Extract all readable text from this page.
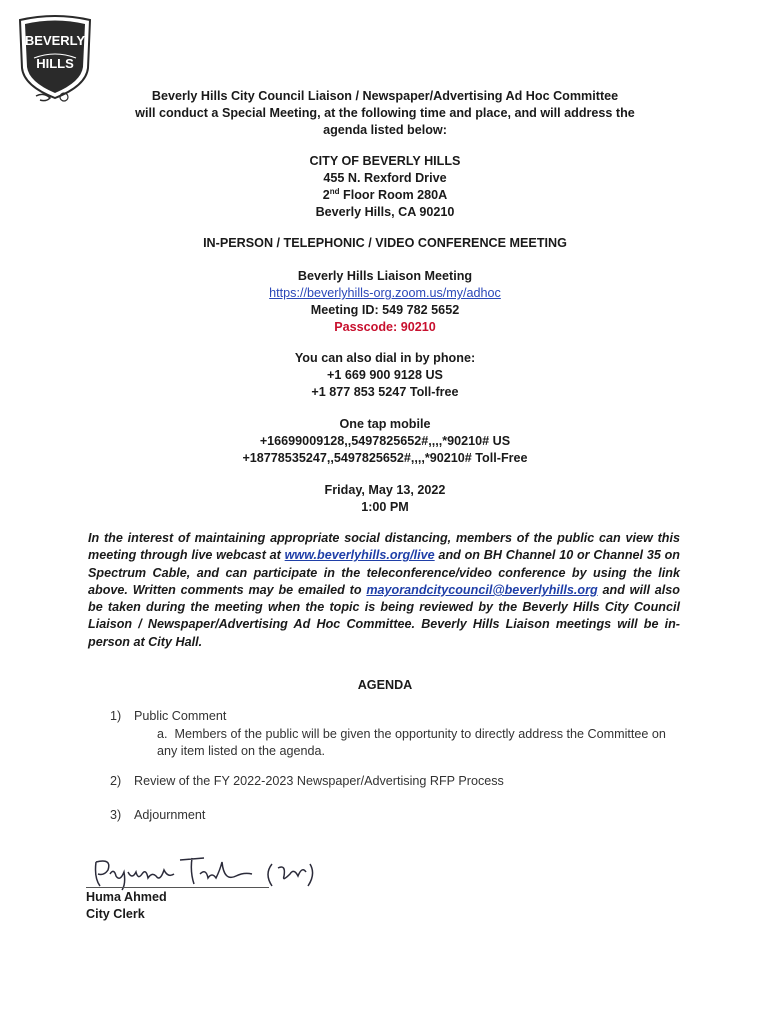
BEVERLY
HILLS
Beverly Hills City Council Liaison / Newspaper/Advertising Ad Hoc Committee
will conduct a Special Meeting, at the following time and place, and will address the
agenda listed below:
CITY OF BEVERLY HILLS
455 N. Rexford Drive
2nd Floor Room 280A
Beverly Hills, CA 90210
IN-PERSON / TELEPHONIC / VIDEO CONFERENCE MEETING
Beverly Hills Liaison Meeting
https://beverlyhills-org.zoom.us/my/adhoc
Meeting ID: 549 782 5652
Passcode: 90210
You can also dial in by phone:
+1 669 900 9128 US
+1 877 853 5247 Toll-free
One tap mobile
+16699009128,,5497825652#,,,,*90210# US
+18778535247,,5497825652#,,,,*90210# Toll-Free
Friday, May 13, 2022
1:00 PM
In the interest of maintaining appropriate social distancing, members of the public can view this meeting through live webcast at www.beverlyhills.org/live and on BH Channel 10 or Channel 35 on Spectrum Cable, and can participate in the teleconference/video conference by using the link above. Written comments may be emailed to mayorandcitycouncil@beverlyhills.org and will also be taken during the meeting when the topic is being reviewed by the Beverly Hills City Council Liaison / Newspaper/Advertising Ad Hoc Committee. Beverly Hills Liaison meetings will be in-person at City Hall.
AGENDA
1) Public Comment
a. Members of the public will be given the opportunity to directly address the Committee on any item listed on the agenda.
2) Review of the FY 2022-2023 Newspaper/Advertising RFP Process
3) Adjournment
Huma Ahmed
City Clerk
